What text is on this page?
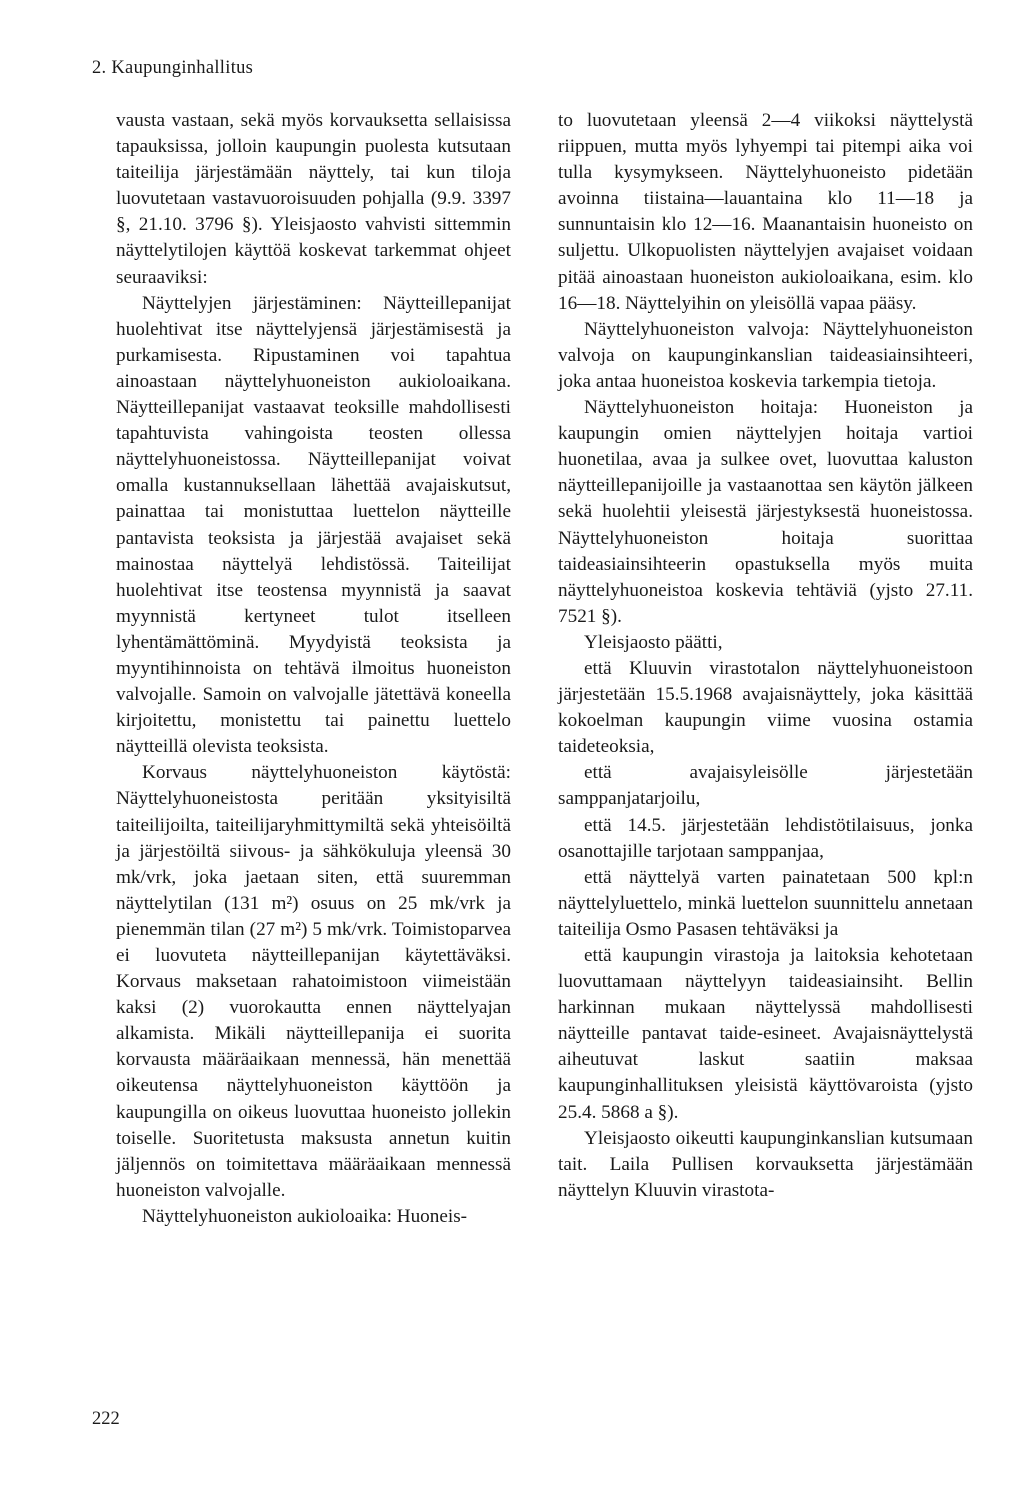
2. Kaupunginhallitus

vausta vastaan, sekä myös korvauksetta sellaisissa tapauksissa, jolloin kaupungin puolesta kutsutaan taiteilija järjestämään näyttely, tai kun tiloja luovutetaan vastavuoroisuuden pohjalla (9.9. 3397 §, 21.10. 3796 §). Yleisjaosto vahvisti sittemmin näyttelytilojen käyttöä koskevat tarkemmat ohjeet seuraaviksi:

Näyttelyjen järjestäminen: Näytteillepanijat huolehtivat itse näyttelyjensä järjestämisestä ja purkamisesta. Ripustaminen voi tapahtua ainoastaan näyttelyhuoneiston aukioloaikana. Näytteillepanijat vastaavat teoksille mahdollisesti tapahtuvista vahingoista teosten ollessa näyttelyhuoneistossa. Näytteillepanijat voivat omalla kustannuksellaan lähettää avajaiskutsut, painattaa tai monistuttaa luettelon näytteille pantavista teoksista ja järjestää avajaiset sekä mainostaa näyttelyä lehdistössä. Taiteilijat huolehtivat itse teostensa myynnistä ja saavat myynnistä kertyneet tulot itselleen lyhentämättöminä. Myydyistä teoksista ja myyntihinnoista on tehtävä ilmoitus huoneiston valvojalle. Samoin on valvojalle jätettävä koneella kirjoitettu, monistettu tai painettu luettelo näytteillä olevista teoksista.

Korvaus näyttelyhuoneiston käytöstä: Näyttelyhuoneistosta peritään yksityisiltä taiteilijoilta, taiteilijaryhmittymiltä sekä yhteisöiltä ja järjestöiltä siivous- ja sähkökuluja yleensä 30 mk/vrk, joka jaetaan siten, että suuremman näyttelytilan (131 m²) osuus on 25 mk/vrk ja pienemmän tilan (27 m²) 5 mk/vrk. Toimistoparvea ei luovuteta näytteillepanijan käytettäväksi. Korvaus maksetaan rahatoimistoon viimeistään kaksi (2) vuorokautta ennen näyttelyajan alkamista. Mikäli näytteillepanija ei suorita korvausta määräaikaan mennessä, hän menettää oikeutensa näyttelyhuoneiston käyttöön ja kaupungilla on oikeus luovuttaa huoneisto jollekin toiselle. Suoritetusta maksusta annetun kuitin jäljennös on toimitettava määräaikaan mennessä huoneiston valvojalle.

Näyttelyhuoneiston aukioloaika: Huoneis-

to luovutetaan yleensä 2—4 viikoksi näyttelystä riippuen, mutta myös lyhyempi tai pitempi aika voi tulla kysymykseen. Näyttelyhuoneisto pidetään avoinna tiistaina—lauantaina klo 11—18 ja sunnuntaisin klo 12—16. Maanantaisin huoneisto on suljettu. Ulkopuolisten näyttelyjen avajaiset voidaan pitää ainoastaan huoneiston aukioloaikana, esim. klo 16—18. Näyttelyihin on yleisöllä vapaa pääsy.

Näyttelyhuoneiston valvoja: Näyttelyhuoneiston valvoja on kaupunginkanslian taideasiainsihteeri, joka antaa huoneistoa koskevia tarkempia tietoja.

Näyttelyhuoneiston hoitaja: Huoneiston ja kaupungin omien näyttelyjen hoitaja vartioi huonetilaa, avaa ja sulkee ovet, luovuttaa kaluston näytteillepanijoille ja vastaanottaa sen käytön jälkeen sekä huolehtii yleisestä järjestyksestä huoneistossa. Näyttelyhuoneiston hoitaja suorittaa taideasiainsihteerin opastuksella myös muita näyttelyhuoneistoa koskevia tehtäviä (yjsto 27.11. 7521 §).

Yleisjaosto päätti,

että Kluuvin virastotalon näyttelyhuoneistoon järjestetään 15.5.1968 avajaisnäyttely, joka käsittää kokoelman kaupungin viime vuosina ostamia taideteoksia,

että avajaisyleisölle järjestetään samppanjatarjoilu,

että 14.5. järjestetään lehdistötilaisuus, jonka osanottajille tarjotaan samppanjaa,

että näyttelyä varten painatetaan 500 kpl:n näyttelyluettelo, minkä luettelon suunnittelu annetaan taiteilija Osmo Pasasen tehtäväksi ja

että kaupungin virastoja ja laitoksia kehotetaan luovuttamaan näyttelyyn taideasiainsiht. Bellin harkinnan mukaan näyttelyssä mahdollisesti näytteille pantavat taide-esineet. Avajaisnäyttelystä aiheutuvat laskut saatiin maksaa kaupunginhallituksen yleisistä käyttövaroista (yjsto 25.4. 5868 a §).

Yleisjaosto oikeutti kaupunginkanslian kutsumaan tait. Laila Pullisen korvauksetta järjestämään näyttelyn Kluuvin virastota-

222
